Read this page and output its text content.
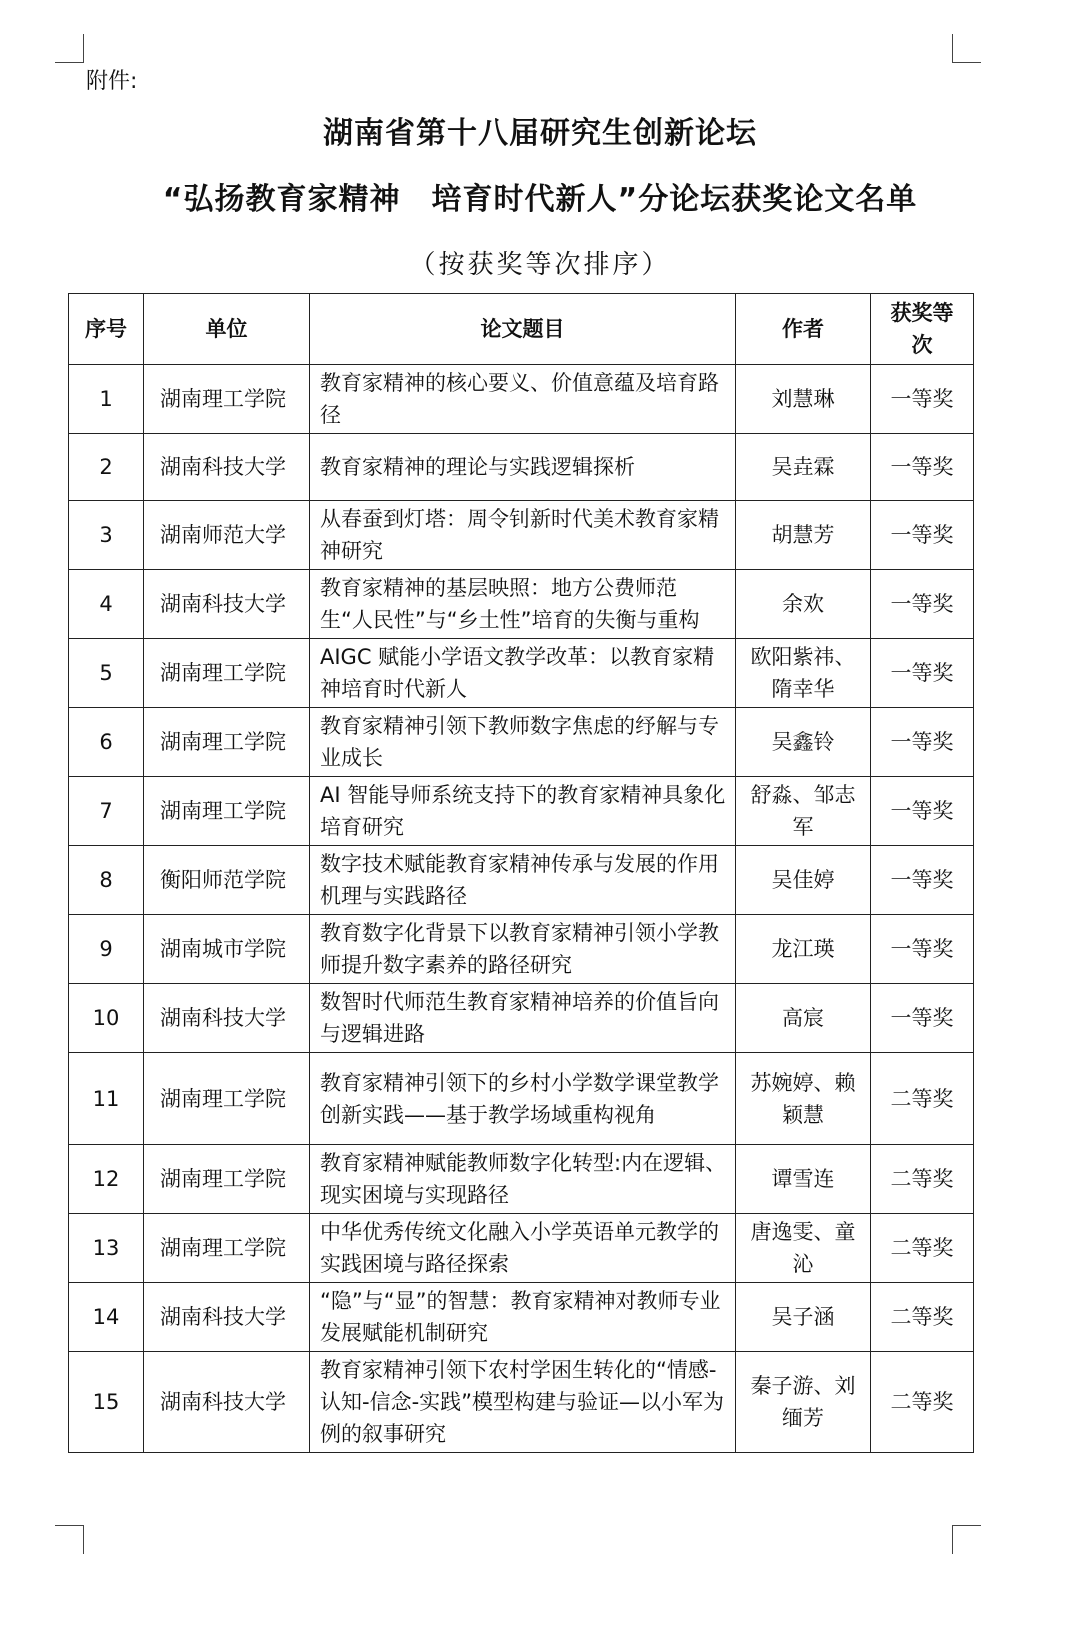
附件:
湖南省第十八届研究生创新论坛
“弘扬教育家精神　培育时代新人”分论坛获奖论文名单
（按获奖等次排序）
序号	单位	论文题目	作者	获奖等次
1	湖南理工学院	教育家精神的核心要义、价值意蕴及培育路径	刘慧琳	一等奖
2	湖南科技大学	教育家精神的理论与实践逻辑探析	吴垚霖	一等奖
3	湖南师范大学	从春蚕到灯塔：周令钊新时代美术教育家精神研究	胡慧芳	一等奖
4	湖南科技大学	教育家精神的基层映照：地方公费师范生“人民性”与“乡土性”培育的失衡与重构	余欢	一等奖
5	湖南理工学院	AIGC 赋能小学语文教学改革：以教育家精神培育时代新人	欧阳紫祎、隋幸华	一等奖
6	湖南理工学院	教育家精神引领下教师数字焦虑的纾解与专业成长	吴鑫铃	一等奖
7	湖南理工学院	AI 智能导师系统支持下的教育家精神具象化培育研究	舒淼、邹志军	一等奖
8	衡阳师范学院	数字技术赋能教育家精神传承与发展的作用机理与实践路径	吴佳婷	一等奖
9	湖南城市学院	教育数字化背景下以教育家精神引领小学教师提升数字素养的路径研究	龙江瑛	一等奖
10	湖南科技大学	数智时代师范生教育家精神培养的价值旨向与逻辑进路	高宸	一等奖
11	湖南理工学院	教育家精神引领下的乡村小学数学课堂教学创新实践——基于教学场域重构视角	苏婉婷、赖颖慧	二等奖
12	湖南理工学院	教育家精神赋能教师数字化转型:内在逻辑、现实困境与实现路径	谭雪连	二等奖
13	湖南理工学院	中华优秀传统文化融入小学英语单元教学的实践困境与路径探索	唐逸雯、童沁	二等奖
14	湖南科技大学	“隐”与“显”的智慧：教育家精神对教师专业发展赋能机制研究	吴子涵	二等奖
15	湖南科技大学	教育家精神引领下农村学困生转化的“情感-认知-信念-实践”模型构建与验证—以小军为例的叙事研究	秦子游、刘缅芳	二等奖
